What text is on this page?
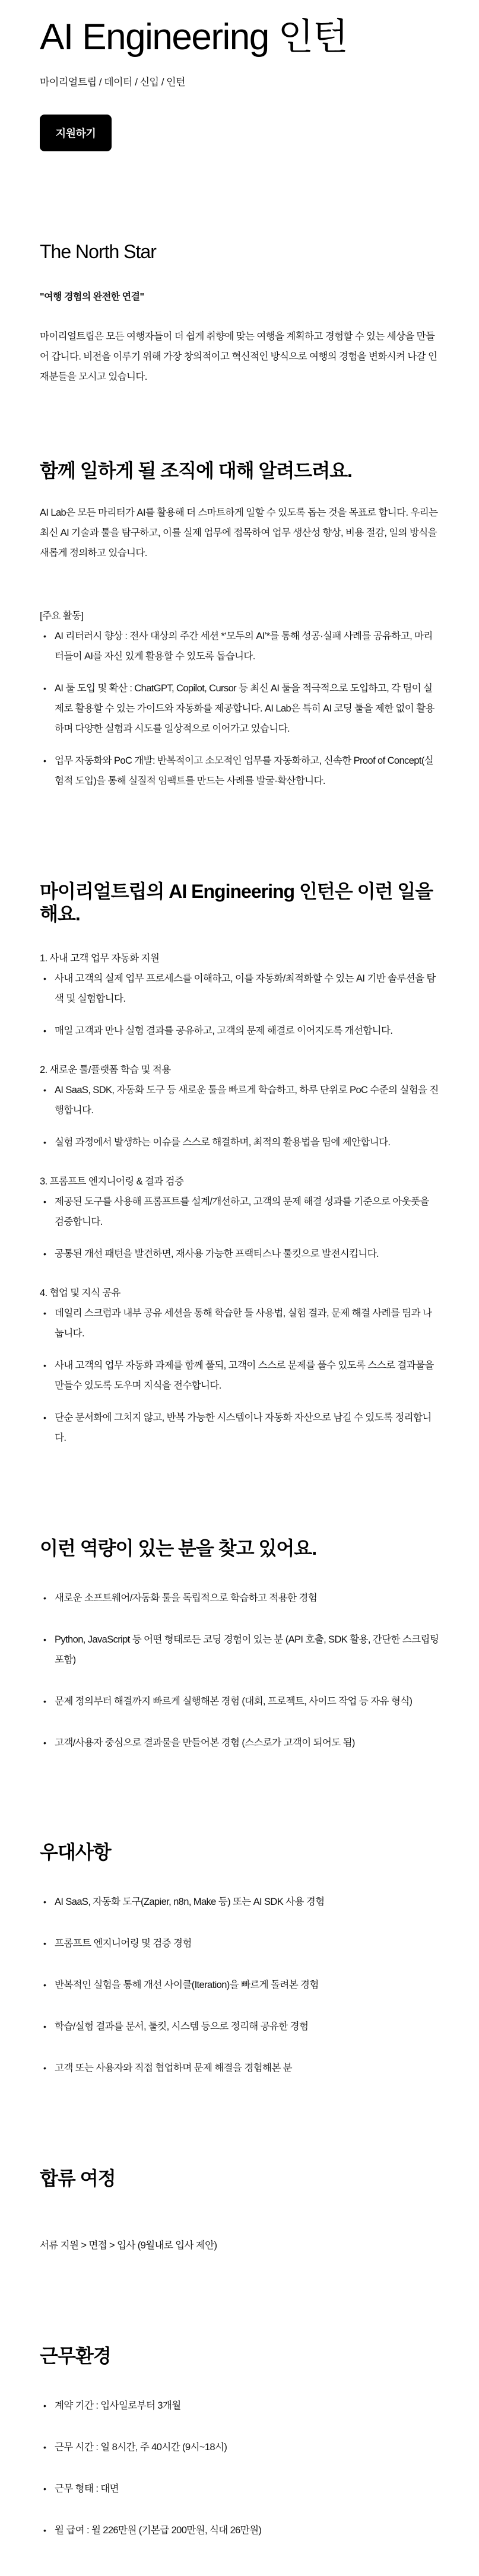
AI Engineering 인턴
마이리얼트립 / 데이터 / 신입 / 인턴
지원하기
The North Star

"여행 경험의 완전한 연결"

마이리얼트립은 모든 여행자들이 더 쉽게 취향에 맞는 여행을 계획하고 경험할 수 있는 세상을 만들어 갑니다. 비전을 이루기 위해 가장 창의적이고 혁신적인 방식으로 여행의 경험을 변화시켜 나갈 인재분들을 모시고 있습니다.

함께 일하게 될 조직에 대해 알려드려요.

AI Lab은 모든 마리터가 AI를 활용해 더 스마트하게 일할 수 있도록 돕는 것을 목표로 합니다. 우리는 최신 AI 기술과 툴을 탐구하고, 이를 실제 업무에 접목하여 업무 생산성 향상, 비용 절감, 일의 방식을 새롭게 정의하고 있습니다.

[주요 활동]
• AI 리터러시 향상 : 전사 대상의 주간 세션 *‘모두의 AI’*를 통해 성공·실패 사례를 공유하고, 마리터들이 AI를 자신 있게 활용할 수 있도록 돕습니다.
• AI 툴 도입 및 확산 : ChatGPT, Copilot, Cursor 등 최신 AI 툴을 적극적으로 도입하고, 각 팀이 실제로 활용할 수 있는 가이드와 자동화를 제공합니다. AI Lab은 특히 AI 코딩 툴을 제한 없이 활용하며 다양한 실험과 시도를 일상적으로 이어가고 있습니다.
• 업무 자동화와 PoC 개발: 반복적이고 소모적인 업무를 자동화하고, 신속한 Proof of Concept(실험적 도입)을 통해 실질적 임팩트를 만드는 사례를 발굴·확산합니다.
마이리얼트립의 AI Engineering 인턴은 이런 일을 해요.
1. 사내 고객 업무 자동화 지원
• 사내 고객의 실제 업무 프로세스를 이해하고, 이를 자동화/최적화할 수 있는 AI 기반 솔루션을 탐색 및 실험합니다.
• 매일 고객과 만나 실험 결과를 공유하고, 고객의 문제 해결로 이어지도록 개선합니다.
2. 새로운 툴/플랫폼 학습 및 적용
• AI SaaS, SDK, 자동화 도구 등 새로운 툴을 빠르게 학습하고, 하루 단위로 PoC 수준의 실험을 진행합니다.
• 실험 과정에서 발생하는 이슈를 스스로 해결하며, 최적의 활용법을 팀에 제안합니다.
3. 프롬프트 엔지니어링 & 결과 검증
• 제공된 도구를 사용해 프롬프트를 설계/개선하고, 고객의 문제 해결 성과를 기준으로 아웃풋을 검증합니다.
• 공통된 개선 패턴을 발견하면, 재사용 가능한 프랙티스나 툴킷으로 발전시킵니다.
4. 협업 및 지식 공유
• 데일리 스크럼과 내부 공유 세션을 통해 학습한 툴 사용법, 실험 결과, 문제 해결 사례를 팀과 나눕니다.
• 사내 고객의 업무 자동화 과제를 함께 풀되, 고객이 스스로 문제를 풀수 있도록 스스로 결과물을 만들수 있도록 도우며 지식을 전수합니다.
• 단순 문서화에 그치지 않고, 반복 가능한 시스템이나 자동화 자산으로 남길 수 있도록 정리합니다.
이런 역량이 있는 분을 찾고 있어요.
• 새로운 소프트웨어/자동화 툴을 독립적으로 학습하고 적용한 경험
• Python, JavaScript 등 어떤 형태로든 코딩 경험이 있는 분 (API 호출, SDK 활용, 간단한 스크립팅 포함)
• 문제 정의부터 해결까지 빠르게 실행해본 경험 (대회, 프로젝트, 사이드 작업 등 자유 형식)
• 고객/사용자 중심으로 결과물을 만들어본 경험 (스스로가 고객이 되어도 됨)
우대사항
• AI SaaS, 자동화 도구(Zapier, n8n, Make 등) 또는 AI SDK 사용 경험
• 프롬프트 엔지니어링 및 검증 경험
• 반복적인 실험을 통해 개선 사이클(Iteration)을 빠르게 돌려본 경험
• 학습/실험 결과를 문서, 툴킷, 시스템 등으로 정리해 공유한 경험
• 고객 또는 사용자와 직접 협업하며 문제 해결을 경험해본 분
합류 여정

서류 지원 > 면접 > 입사 (9월내로 입사 제안)

근무환경
• 계약 기간 : 입사일로부터 3개월
• 근무 시간 : 일 8시간, 주 40시간 (9시~18시)
• 근무 형태 : 대면
• 월 급여 : 월 226만원 (기본급 200만원, 식대 26만원)
